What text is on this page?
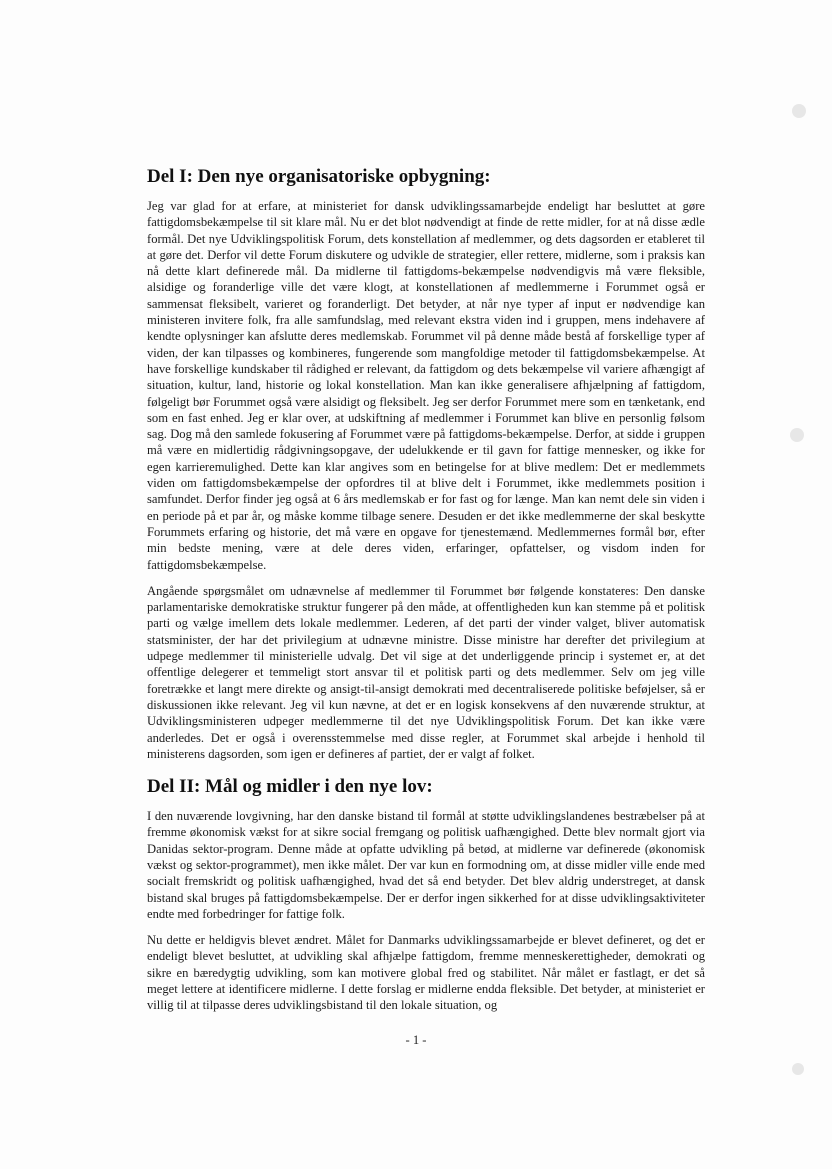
Del I: Den nye organisatoriske opbygning:

Jeg var glad for at erfare, at ministeriet for dansk udviklingssamarbejde endeligt har besluttet at gøre fattigdomsbekæmpelse til sit klare mål. Nu er det blot nødvendigt at finde de rette midler, for at nå disse ædle formål. Det nye Udviklingspolitisk Forum, dets konstellation af medlemmer, og dets dagsorden er etableret til at gøre det. Derfor vil dette Forum diskutere og udvikle de strategier, eller rettere, midlerne, som i praksis kan nå dette klart definerede mål. Da midlerne til fattigdoms-bekæmpelse nødvendigvis må være fleksible, alsidige og foranderlige ville det være klogt, at konstellationen af medlemmerne i Forummet også er sammensat fleksibelt, varieret og foranderligt. Det betyder, at når nye typer af input er nødvendige kan ministeren invitere folk, fra alle samfundslag, med relevant ekstra viden ind i gruppen, mens indehavere af kendte oplysninger kan afslutte deres medlemskab. Forummet vil på denne måde bestå af forskellige typer af viden, der kan tilpasses og kombineres, fungerende som mangfoldige metoder til fattigdomsbekæmpelse. At have forskellige kundskaber til rådighed er relevant, da fattigdom og dets bekæmpelse vil variere afhængigt af situation, kultur, land, historie og lokal konstellation. Man kan ikke generalisere afhjælpning af fattigdom, følgeligt bør Forummet også være alsidigt og fleksibelt. Jeg ser derfor Forummet mere som en tænketank, end som en fast enhed. Jeg er klar over, at udskiftning af medlemmer i Forummet kan blive en personlig følsom sag. Dog må den samlede fokusering af Forummet være på fattigdoms-bekæmpelse. Derfor, at sidde i gruppen må være en midlertidig rådgivningsopgave, der udelukkende er til gavn for fattige mennesker, og ikke for egen karrieremulighed. Dette kan klar angives som en betingelse for at blive medlem: Det er medlemmets viden om fattigdomsbekæmpelse der opfordres til at blive delt i Forummet, ikke medlemmets position i samfundet. Derfor finder jeg også at 6 års medlemskab er for fast og for længe. Man kan nemt dele sin viden i en periode på et par år, og måske komme tilbage senere. Desuden er det ikke medlemmerne der skal beskytte Forummets erfaring og historie, det må være en opgave for tjenestemænd. Medlemmernes formål bør, efter min bedste mening, være at dele deres viden, erfaringer, opfattelser, og visdom inden for fattigdomsbekæmpelse.

Angående spørgsmålet om udnævnelse af medlemmer til Forummet bør følgende konstateres: Den danske parlamentariske demokratiske struktur fungerer på den måde, at offentligheden kun kan stemme på et politisk parti og vælge imellem dets lokale medlemmer. Lederen, af det parti der vinder valget, bliver automatisk statsminister, der har det privilegium at udnævne ministre. Disse ministre har derefter det privilegium at udpege medlemmer til ministerielle udvalg. Det vil sige at det underliggende princip i systemet er, at det offentlige delegerer et temmeligt stort ansvar til et politisk parti og dets medlemmer. Selv om jeg ville foretrække et langt mere direkte og ansigt-til-ansigt demokrati med decentraliserede politiske beføjelser, så er diskussionen ikke relevant. Jeg vil kun nævne, at det er en logisk konsekvens af den nuværende struktur, at Udviklingsministeren udpeger medlemmerne til det nye Udviklingspolitisk Forum. Det kan ikke være anderledes. Det er også i overensstemmelse med disse regler, at Forummet skal arbejde i henhold til ministerens dagsorden, som igen er defineres af partiet, der er valgt af folket.

Del II: Mål og midler i den nye lov:

I den nuværende lovgivning, har den danske bistand til formål at støtte udviklingslandenes bestræbelser på at fremme økonomisk vækst for at sikre social fremgang og politisk uafhængighed. Dette blev normalt gjort via Danidas sektor-program. Denne måde at opfatte udvikling på betød, at midlerne var definerede (økonomisk vækst og sektor-programmet), men ikke målet. Der var kun en formodning om, at disse midler ville ende med socialt fremskridt og politisk uafhængighed, hvad det så end betyder. Det blev aldrig understreget, at dansk bistand skal bruges på fattigdomsbekæmpelse. Der er derfor ingen sikkerhed for at disse udviklingsaktiviteter endte med forbedringer for fattige folk.

Nu dette er heldigvis blevet ændret. Målet for Danmarks udviklingssamarbejde er blevet defineret, og det er endeligt blevet besluttet, at udvikling skal afhjælpe fattigdom, fremme menneskerettigheder, demokrati og sikre en bæredygtig udvikling, som kan motivere global fred og stabilitet. Når målet er fastlagt, er det så meget lettere at identificere midlerne. I dette forslag er midlerne endda fleksible. Det betyder, at ministeriet er villig til at tilpasse deres udviklingsbistand til den lokale situation, og

- 1 -
